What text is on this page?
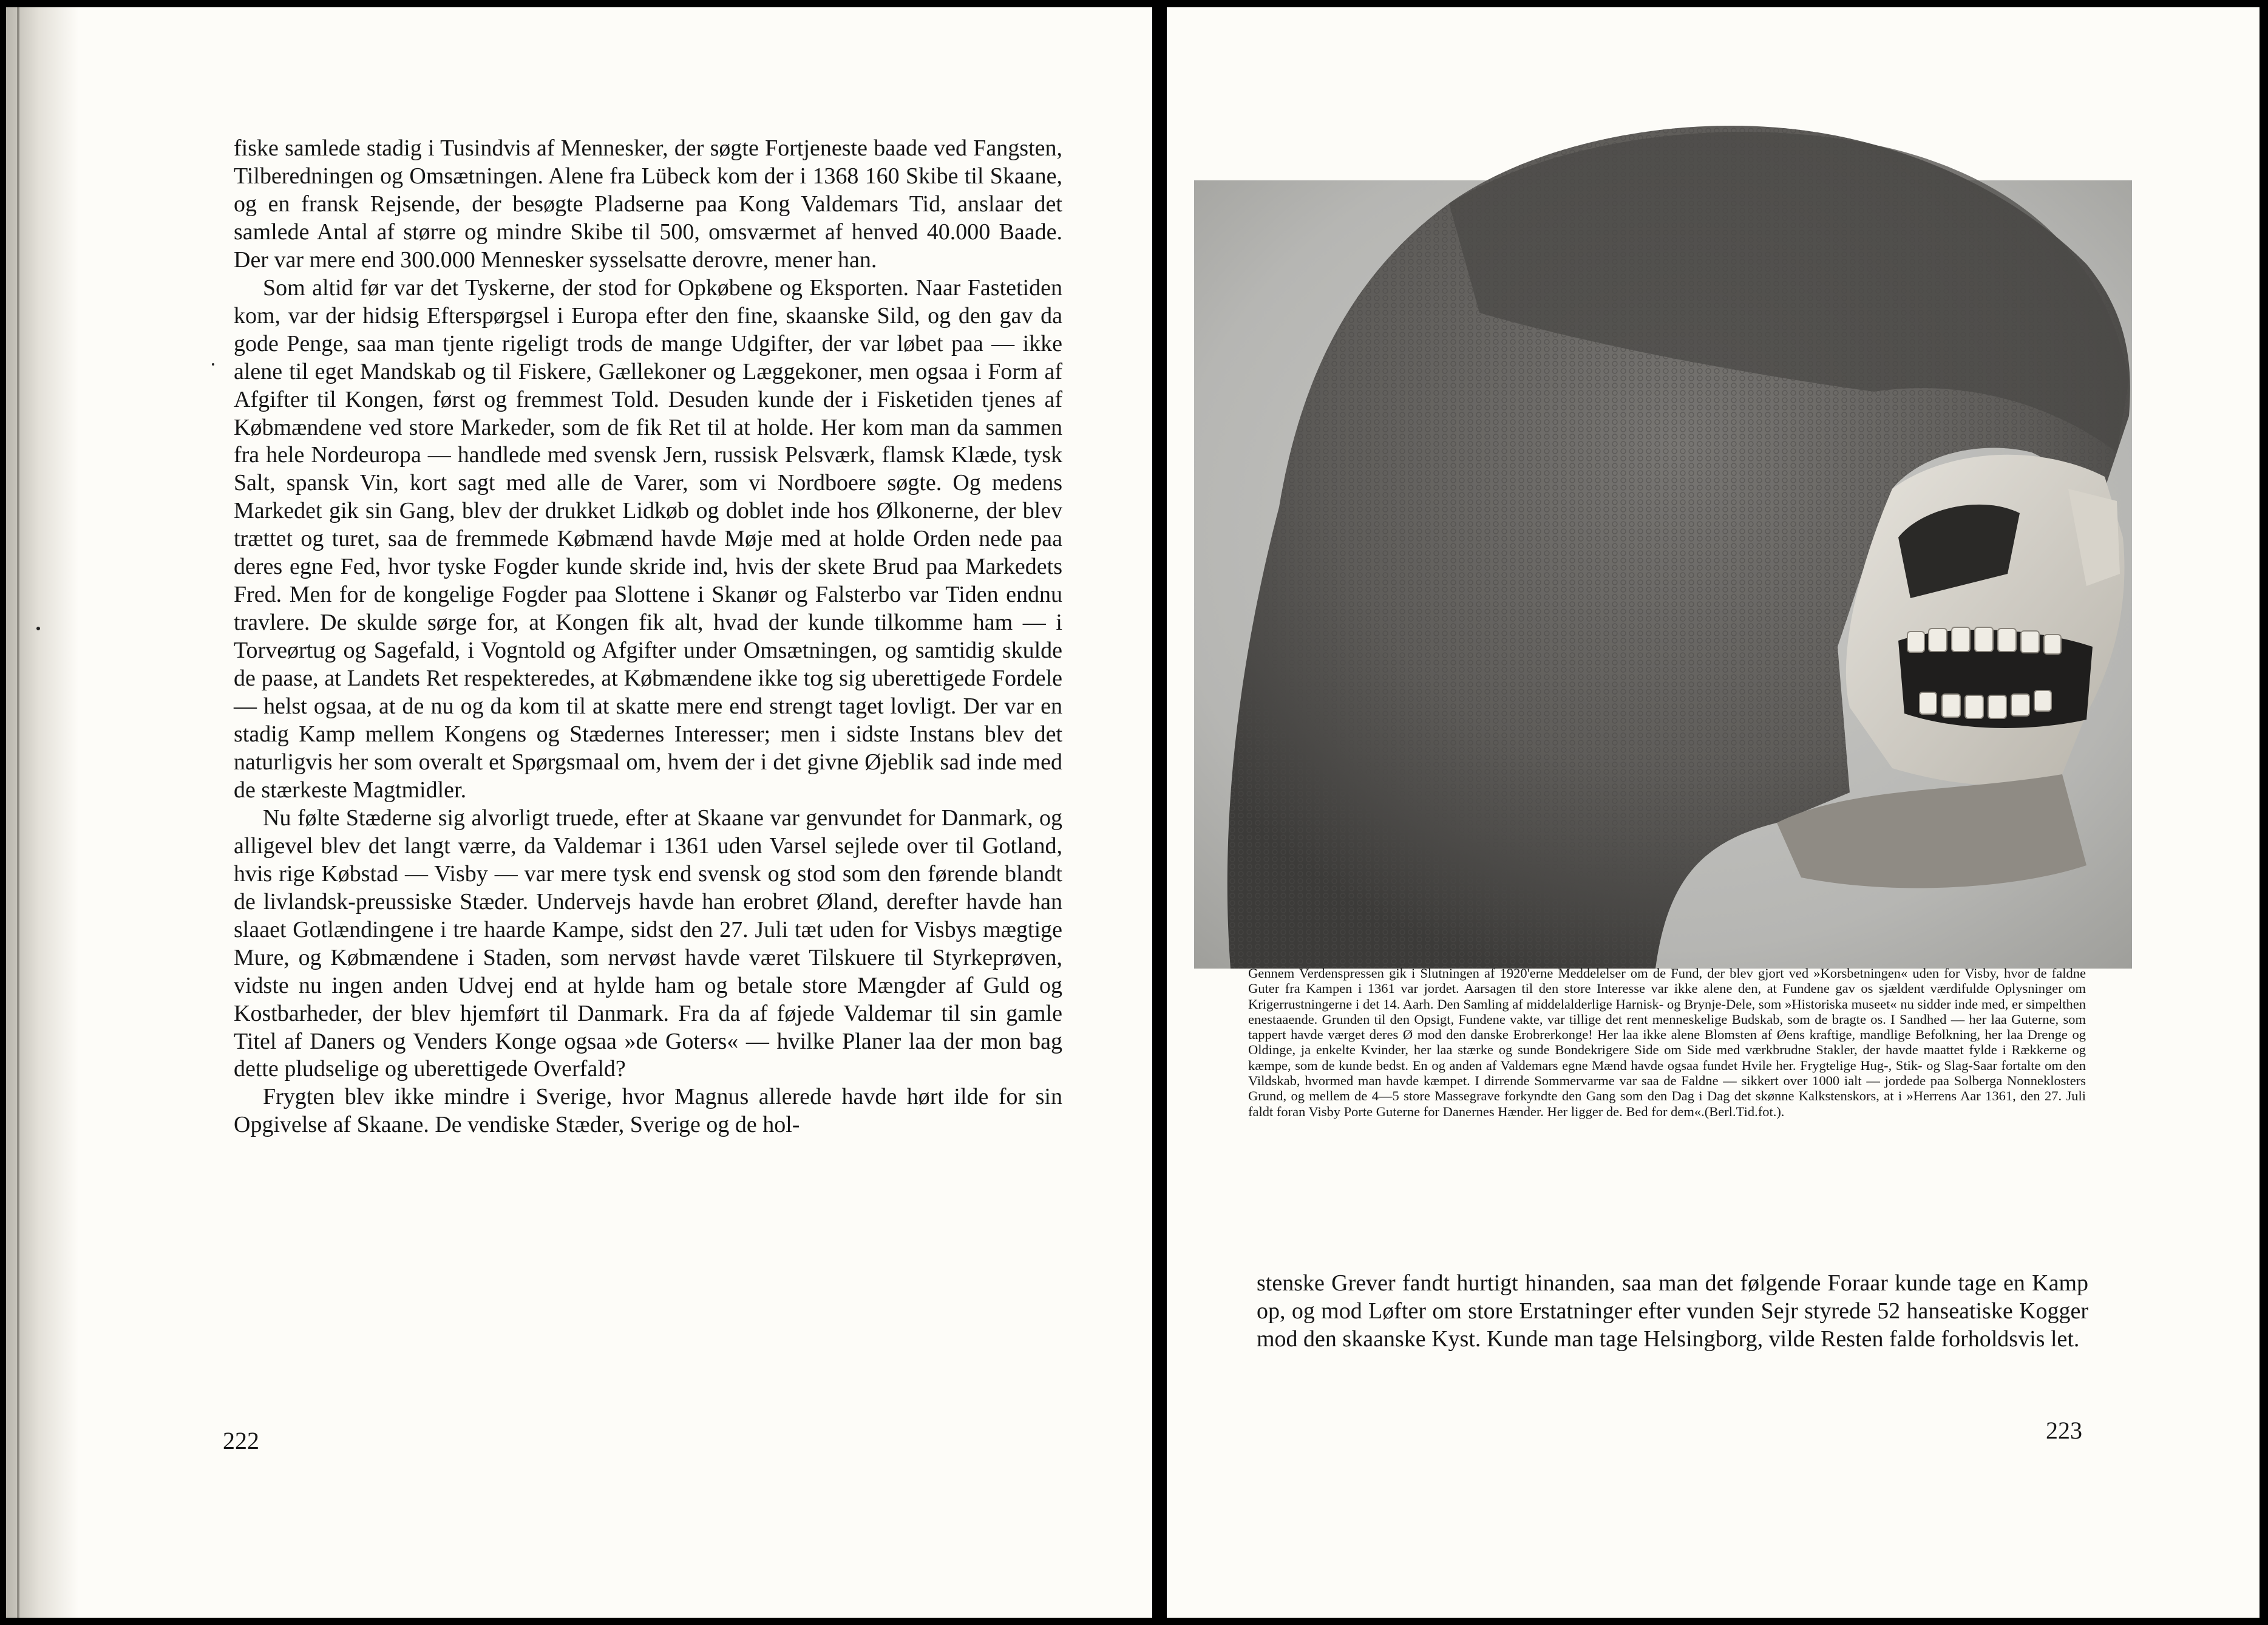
fiske samlede stadig i Tusindvis af Mennesker, der søgte Fortjeneste baade ved Fangsten, Tilberedningen og Omsætningen. Alene fra Lübeck kom der i 1368 160 Skibe til Skaane, og en fransk Rejsende, der besøgte Pladserne paa Kong Valdemars Tid, anslaar det samlede Antal af større og mindre Skibe til 500, omsværmet af henved 40.000 Baade. Der var mere end 300.000 Mennesker sysselsatte derovre, mener han.

Som altid før var det Tyskerne, der stod for Opkøbene og Eksporten. Naar Fastetiden kom, var der hidsig Efterspørgsel i Europa efter den fine, skaanske Sild, og den gav da gode Penge, saa man tjente rigeligt trods de mange Udgifter, der var løbet paa — ikke alene til eget Mandskab og til Fiskere, Gællekoner og Læggekoner, men ogsaa i Form af Afgifter til Kongen, først og fremmest Told. Desuden kunde der i Fisketiden tjenes af Købmændene ved store Markeder, som de fik Ret til at holde. Her kom man da sammen fra hele Nordeuropa — handlede med svensk Jern, russisk Pelsværk, flamsk Klæde, tysk Salt, spansk Vin, kort sagt med alle de Varer, som vi Nordboere søgte. Og medens Markedet gik sin Gang, blev der drukket Lidkøb og doblet inde hos Ølkonerne, der blev trættet og turet, saa de fremmede Købmænd havde Møje med at holde Orden nede paa deres egne Fed, hvor tyske Fogder kunde skride ind, hvis der skete Brud paa Markedets Fred. Men for de kongelige Fogder paa Slottene i Skanør og Falsterbo var Tiden endnu travlere. De skulde sørge for, at Kongen fik alt, hvad der kunde tilkomme ham — i Torveørtug og Sagefald, i Vogntold og Afgifter under Omsætningen, og samtidig skulde de paase, at Landets Ret respekteredes, at Købmændene ikke tog sig uberettigede Fordele — helst ogsaa, at de nu og da kom til at skatte mere end strengt taget lovligt. Der var en stadig Kamp mellem Kongens og Stædernes Interesser; men i sidste Instans blev det naturligvis her som overalt et Spørgsmaal om, hvem der i det givne Øjeblik sad inde med de stærkeste Magtmidler.

Nu følte Stæderne sig alvorligt truede, efter at Skaane var genvundet for Danmark, og alligevel blev det langt værre, da Valdemar i 1361 uden Varsel sejlede over til Gotland, hvis rige Købstad — Visby — var mere tysk end svensk og stod som den førende blandt de livlandsk-preussiske Stæder. Undervejs havde han erobret Øland, derefter havde han slaaet Gotlændingene i tre haarde Kampe, sidst den 27. Juli tæt uden for Visbys mægtige Mure, og Købmændene i Staden, som nervøst havde været Tilskuere til Styrkeprøven, vidste nu ingen anden Udvej end at hylde ham og betale store Mængder af Guld og Kostbarheder, der blev hjemført til Danmark. Fra da af føjede Valdemar til sin gamle Titel af Daners og Venders Konge ogsaa »de Goters« — hvilke Planer laa der mon bag dette pludselige og uberettigede Overfald?

Frygten blev ikke mindre i Sverige, hvor Magnus allerede havde hørt ilde for sin Opgivelse af Skaane. De vendiske Stæder, Sverige og de hol-

222

Gennem Verdenspressen gik i Slutningen af 1920'erne Meddelelser om de Fund, der blev gjort ved »Korsbetningen« uden for Visby, hvor de faldne Guter fra Kampen i 1361 var jordet. Aarsagen til den store Interesse var ikke alene den, at Fundene gav os sjældent værdifulde Oplysninger om Krigerrustningerne i det 14. Aarh. Den Samling af middelalderlige Harnisk- og Brynje-Dele, som »Historiska museet« nu sidder inde med, er simpelthen enestaaende. Grunden til den Opsigt, Fundene vakte, var tillige det rent menneskelige Budskab, som de bragte os. I Sandhed — her laa Guterne, som tappert havde værget deres Ø mod den danske Erobrerkonge! Her laa ikke alene Blomsten af Øens kraftige, mandlige Befolkning, her laa Drenge og Oldinge, ja enkelte Kvinder, her laa stærke og sunde Bondekrigere Side om Side med værkbrudne Stakler, der havde maattet fylde i Rækkerne og kæmpe, som de kunde bedst. En og anden af Valdemars egne Mænd havde ogsaa fundet Hvile her. Frygtelige Hug-, Stik- og Slag-Saar fortalte om den Vildskab, hvormed man havde kæmpet. I dirrende Sommervarme var saa de Faldne — sikkert over 1000 ialt — jordede paa Solberga Nonneklosters Grund, og mellem de 4—5 store Massegrave forkyndte den Gang som den Dag i Dag det skønne Kalkstenskors, at i »Herrens Aar 1361, den 27. Juli faldt foran Visby Porte Guterne for Danernes Hænder. Her ligger de. Bed for dem«.(Berl.Tid.fot.).

stenske Grever fandt hurtigt hinanden, saa man det følgende Foraar kunde tage en Kamp op, og mod Løfter om store Erstatninger efter vunden Sejr styrede 52 hanseatiske Kogger mod den skaanske Kyst. Kunde man tage Helsingborg, vilde Resten falde forholdsvis let.

223
